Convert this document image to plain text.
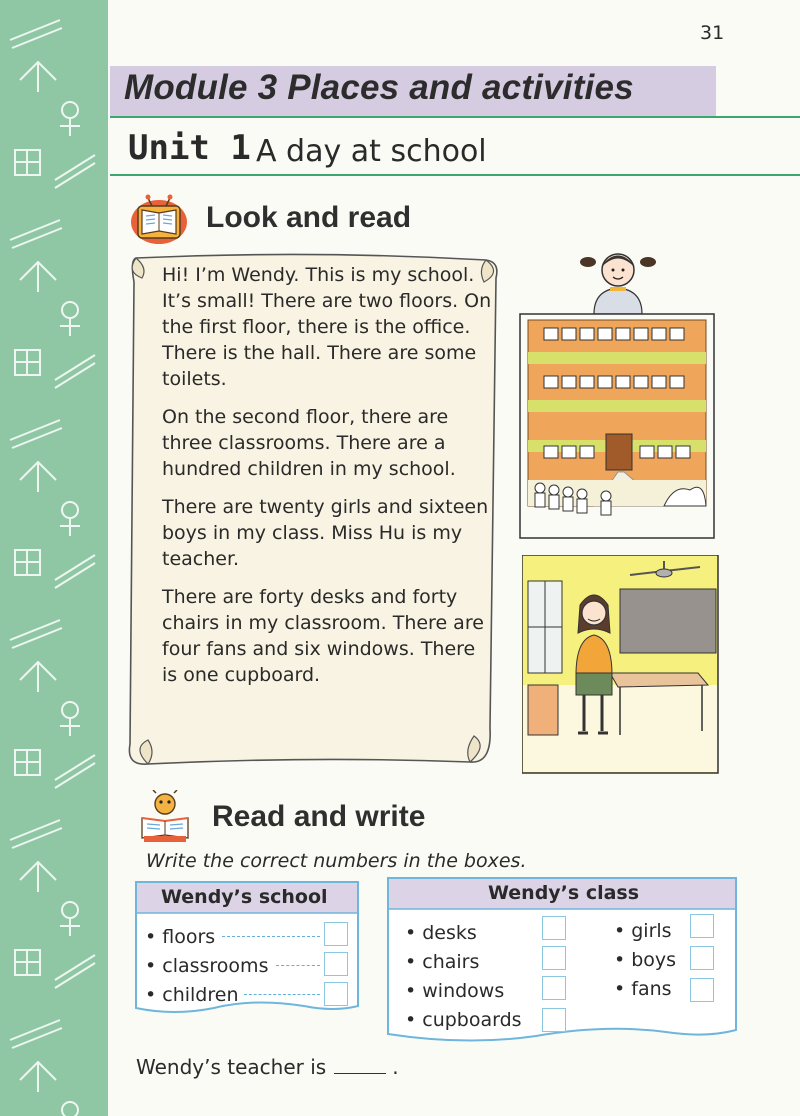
31
Module 3 Places and activities
Unit 1 A day at school
Look and read

Hi! I’m Wendy. This is my school. It’s small! There are two floors. On the first floor, there is the office. There is the hall. There are some toilets.

On the second floor, there are three classrooms. There are a hundred children in my school.

There are twenty girls and sixteen boys in my class. Miss Hu is my teacher.

There are forty desks and forty chairs in my classroom. There are four fans and six windows. There is one cupboard.

Read and write
Write the correct numbers in the boxes.
Wendy’s school
• floors
• classrooms
• children
Wendy’s class
• desks
• chairs
• windows
• cupboards
• girls
• boys
• fans
Wendy’s teacher is	.
